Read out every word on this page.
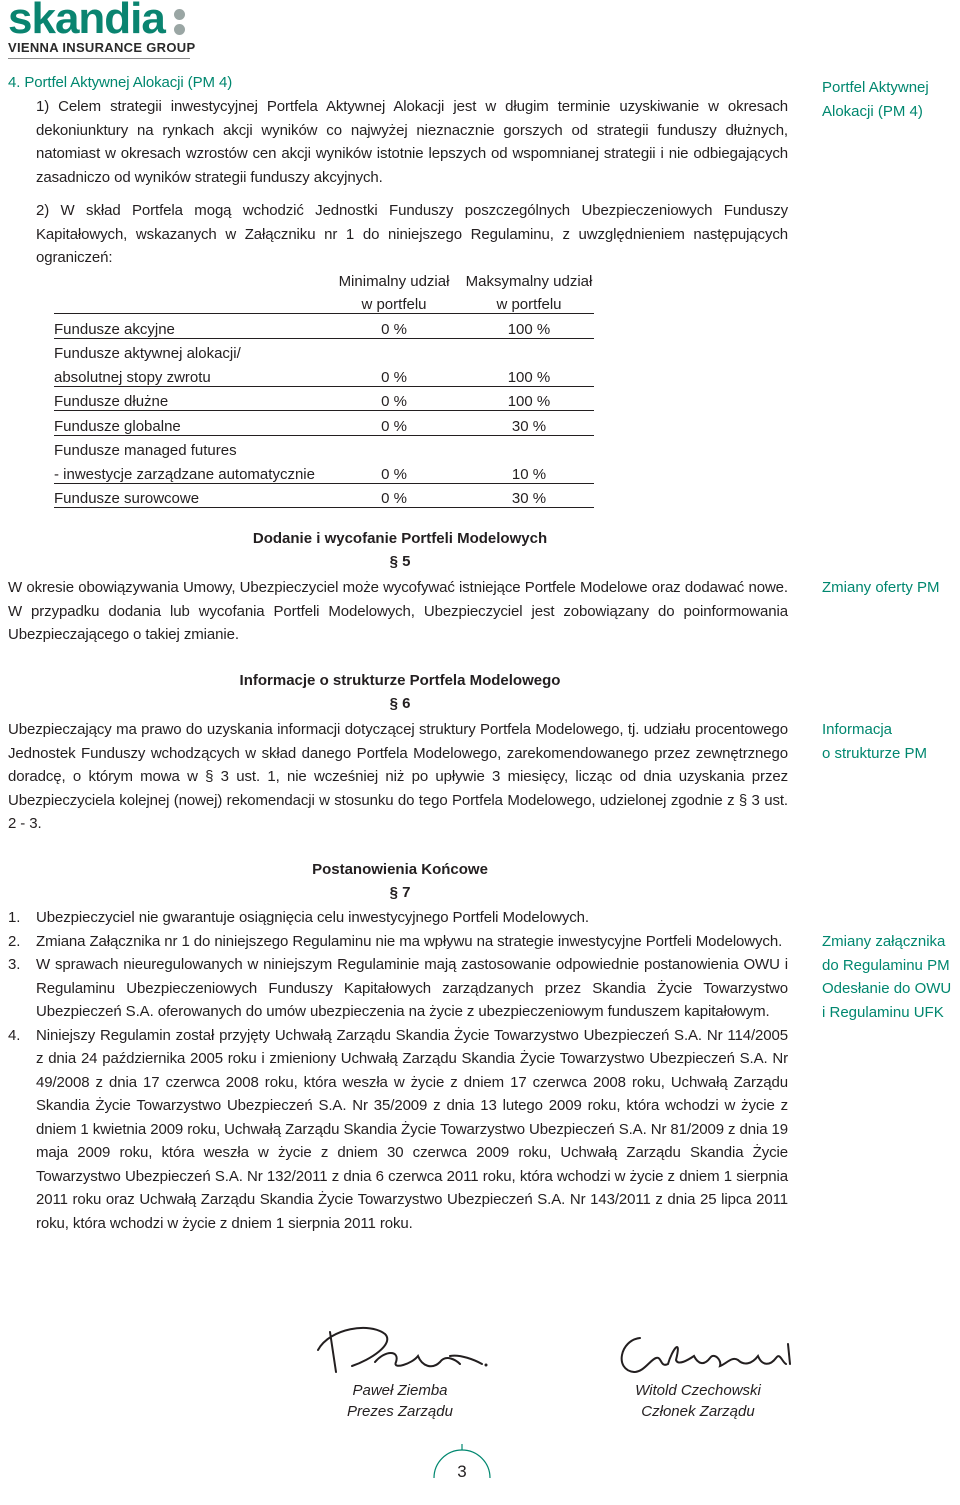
skandia
VIENNA INSURANCE GROUP
4. Portfel Aktywnej Alokacji (PM 4)
1) Celem strategii inwestycyjnej Portfela Aktywnej Alokacji jest w długim terminie uzyskiwanie w okresach dekoniunktury na rynkach akcji wyników co najwyżej nieznacznie gorszych od strategii funduszy dłużnych, natomiast w okresach wzrostów cen akcji wyników istotnie lepszych od wspomnianej strategii i nie odbiegających zasadniczo od wyników strategii funduszy akcyjnych.
2) W skład Portfela mogą wchodzić Jednostki Funduszy poszczególnych Ubezpieczeniowych Funduszy Kapitałowych, wskazanych w Załączniku nr 1 do niniejszego Regulaminu, z uwzględnieniem następujących ograniczeń:
Portfel Aktywnej
Alokacji (PM 4)
	Minimalny udział	Maksymalny udział
	w portfelu	w portfelu
Fundusze akcyjne	0 %	100 %
Fundusze aktywnej alokacji/		
absolutnej stopy zwrotu	0 %	100 %
Fundusze dłużne	0 %	100 %
Fundusze globalne	0 %	30 %
Fundusze managed futures		
- inwestycje zarządzane automatycznie	0 %	10 %
Fundusze surowcowe	0 %	30 %
Dodanie i wycofanie Portfeli Modelowych
§ 5
W okresie obowiązywania Umowy, Ubezpieczyciel może wycofywać istniejące Portfele Modelowe oraz dodawać nowe. W przypadku dodania lub wycofania Portfeli Modelowych, Ubezpieczyciel jest zobowiązany do poinformowania Ubezpieczającego o takiej zmianie.
Zmiany oferty PM
Informacje o strukturze Portfela Modelowego
§ 6
Ubezpieczający ma prawo do uzyskania informacji dotyczącej struktury Portfela Modelowego, tj. udziału procentowego Jednostek Funduszy wchodzących w skład danego Portfela Modelowego, zarekomendowanego przez zewnętrznego doradcę, o którym mowa w § 3 ust. 1, nie wcześniej niż po upływie 3 miesięcy, licząc od dnia uzyskania przez Ubezpieczyciela kolejnej (nowej) rekomendacji w stosunku do tego Portfela Modelowego, udzielonej zgodnie z § 3 ust. 2 - 3.
Informacja
o strukturze PM
Postanowienia Końcowe
§ 7
1. Ubezpieczyciel nie gwarantuje osiągnięcia celu inwestycyjnego Portfeli Modelowych.
2. Zmiana Załącznika nr 1 do niniejszego Regulaminu nie ma wpływu na strategie inwestycyjne Portfeli Modelowych.
3. W sprawach nieuregulowanych w niniejszym Regulaminie mają zastosowanie odpowiednie postanowienia OWU i Regulaminu Ubezpieczeniowych Funduszy Kapitałowych zarządzanych przez Skandia Życie Towarzystwo Ubezpieczeń S.A. oferowanych do umów ubezpieczenia na życie z ubezpieczeniowym funduszem kapitałowym.
4. Niniejszy Regulamin został przyjęty Uchwałą Zarządu Skandia Życie Towarzystwo Ubezpieczeń S.A. Nr 114/2005 z dnia 24 października 2005 roku i zmieniony Uchwałą Zarządu Skandia Życie Towarzystwo Ubezpieczeń S.A. Nr 49/2008 z dnia 17 czerwca 2008 roku, która weszła w życie z dniem 17 czerwca 2008 roku, Uchwałą Zarządu Skandia Życie Towarzystwo Ubezpieczeń S.A. Nr 35/2009 z dnia 13 lutego 2009 roku, która wchodzi w życie z dniem 1 kwietnia 2009 roku, Uchwałą Zarządu Skandia Życie Towarzystwo Ubezpieczeń S.A. Nr 81/2009 z dnia 19 maja 2009 roku, która weszła w życie z dniem 30 czerwca 2009 roku, Uchwałą Zarządu Skandia Życie Towarzystwo Ubezpieczeń S.A. Nr 132/2011 z dnia 6 czerwca 2011 roku, która wchodzi w życie z dniem 1 sierpnia 2011 roku oraz Uchwałą Zarządu Skandia Życie Towarzystwo Ubezpieczeń S.A. Nr 143/2011 z dnia 25 lipca 2011 roku, która wchodzi w życie z dniem 1 sierpnia 2011 roku.
Zmiany załącznika
do Regulaminu PM
Odesłanie do OWU
i Regulaminu UFK
Paweł Ziemba
Prezes Zarządu
Witold Czechowski
Członek Zarządu
3
